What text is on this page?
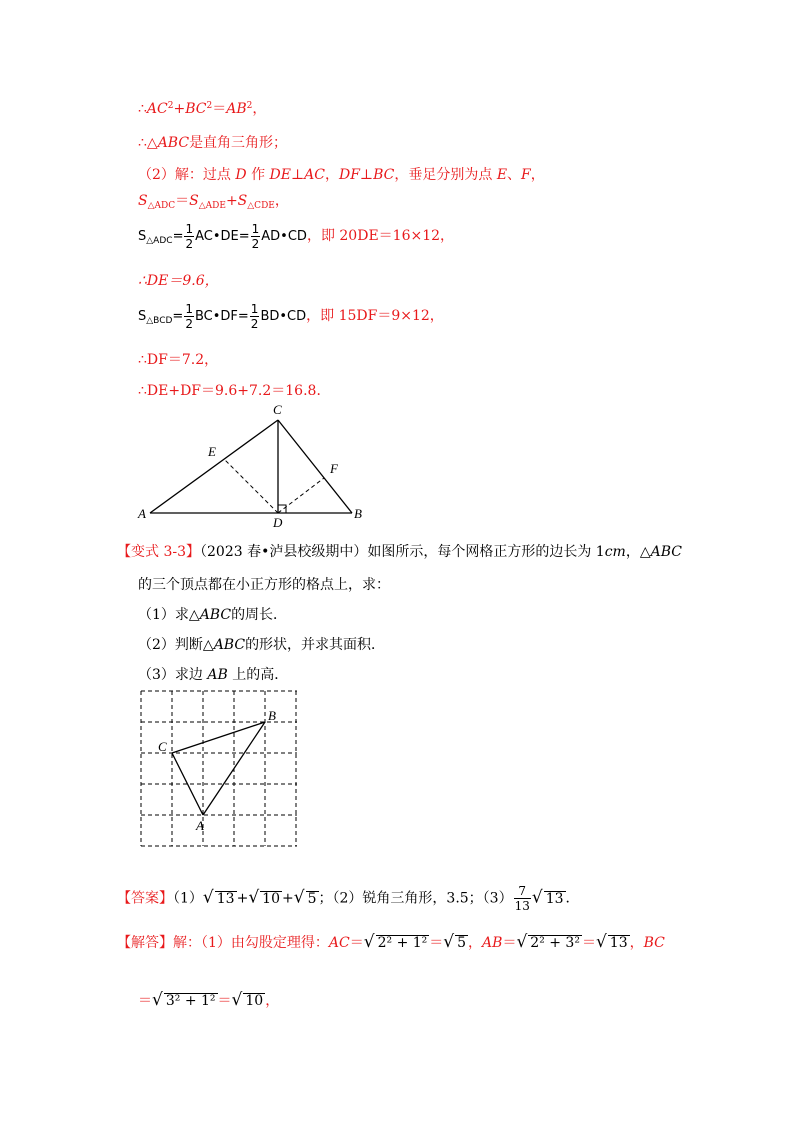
$\therefore AC^2+BC^2=AB^2$，
∴△ABC是直角三角形；
（2）解：过点 D 作 DE⊥AC，DF⊥BC，垂足分别为点 E、F，
$S_{\triangle ADC}=S_{\triangle ADE}+S_{\triangle CDE}$，
$S_{\triangle ADC}= \frac{1}{2}$ AC•DE= $\frac{1}{2}$ AD•CD，即 20DE＝16×12，
∴DE＝9.6，
$S_{\triangle BCD}= \frac{1}{2}$ BC•DF= $\frac{1}{2}$ BD•CD，即 15DF＝9×12，
∴DF＝7.2，
∴DE+DF＝9.6+7.2＝16.8．
A	B
C
D
E
F
【变式 3-3】（2023 春•泸县校级期中）如图所示，每个网格正方形的边长为 1cm，△ABC
的三个顶点都在小正方形的格点上，求：
（1）求△ABC的周长．
（2）判断△ABC的形状，并求其面积．
（3）求边 AB 上的高．
A
B
C
【答案】（1）√ 13 +√ 10 +√ 5 ；（2）锐角三角形，3.5；$(3) \frac{7}{13}$ √ 13 ．
【解答】解：（1）由勾股定理得：AC＝√ 2² + 1² ＝√ 5 ，AB＝√ 2² + 3² ＝√ 13 ，BC
＝√ 3² + 1² ＝√ 10 ，
